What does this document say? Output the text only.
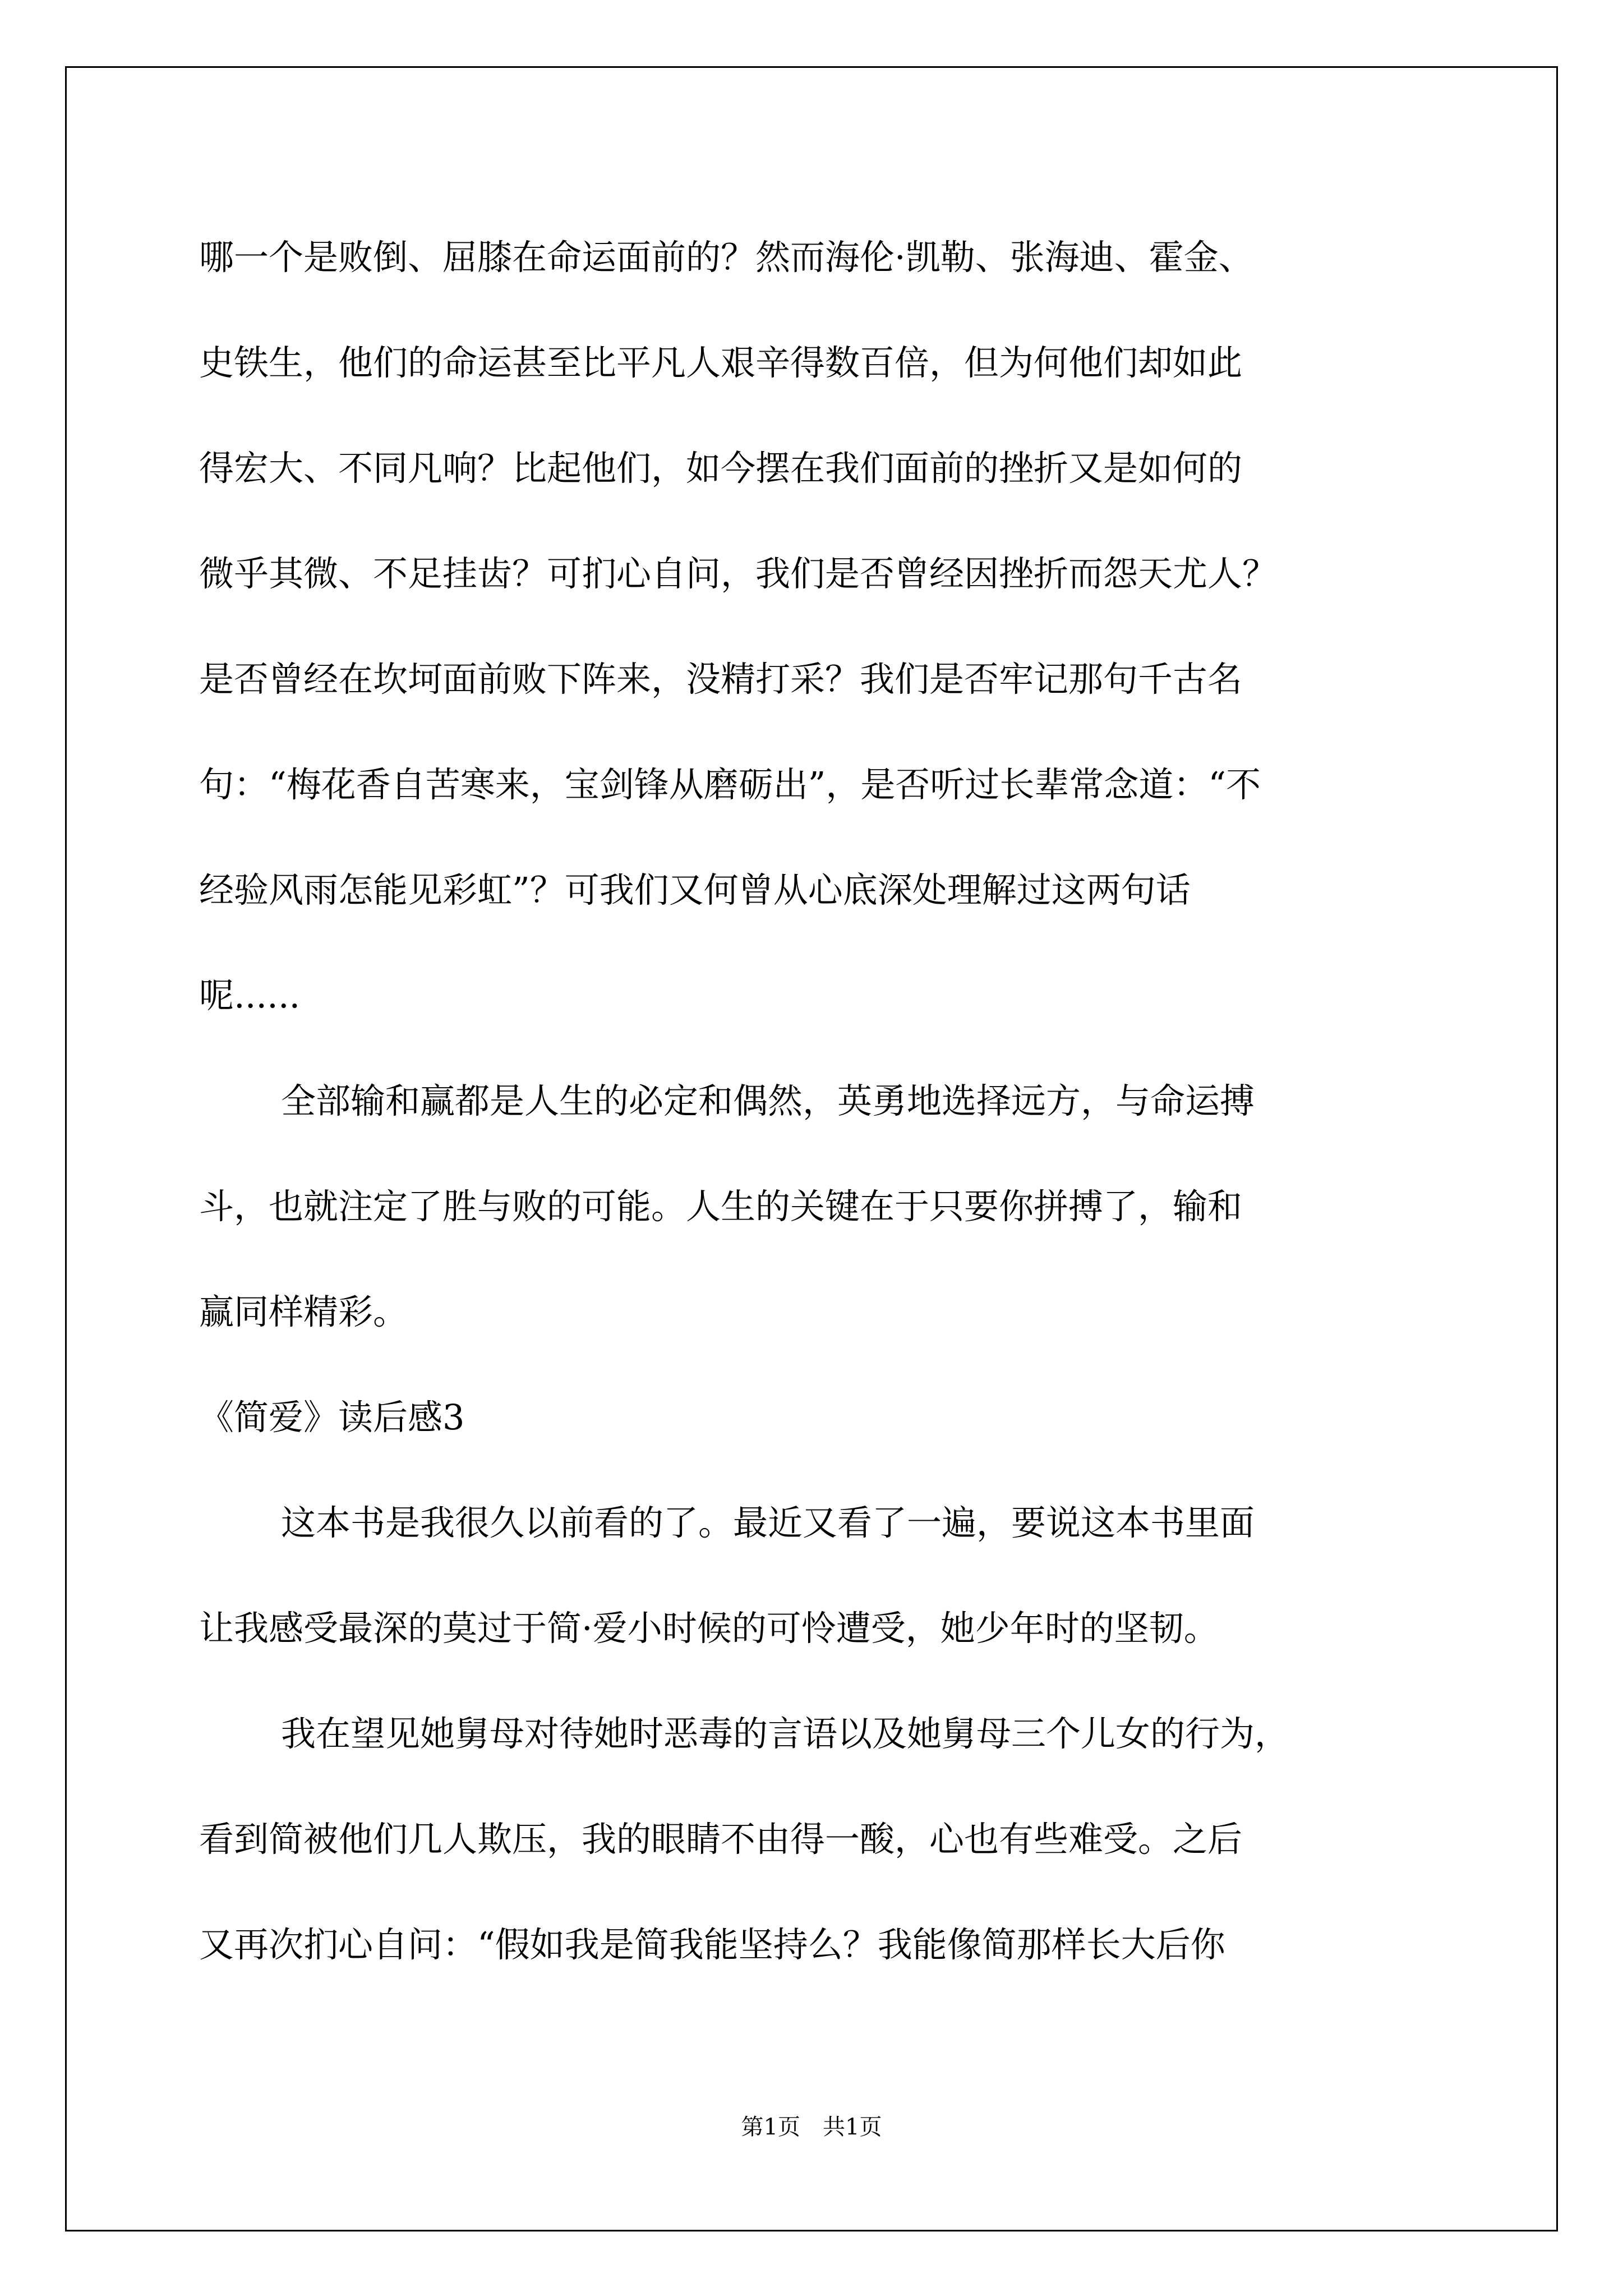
哪一个是败倒、屈膝在命运面前的？然而海伦·凯勒、张海迪、霍金、
史铁生，他们的命运甚至比平凡人艰辛得数百倍，但为何他们却如此
得宏大、不同凡响？比起他们，如今摆在我们面前的挫折又是如何的
微乎其微、不足挂齿？可扪心自问，我们是否曾经因挫折而怨天尤人？
是否曾经在坎坷面前败下阵来，没精打采？我们是否牢记那句千古名
句：“梅花香自苦寒来，宝剑锋从磨砺出”，是否听过长辈常念道：“不
经验风雨怎能见彩虹”？可我们又何曾从心底深处理解过这两句话
呢......
全部输和赢都是人生的必定和偶然，英勇地选择远方，与命运搏
斗，也就注定了胜与败的可能。人生的关键在于只要你拼搏了，输和
赢同样精彩。
《简爱》读后感3
这本书是我很久以前看的了。最近又看了一遍，要说这本书里面
让我感受最深的莫过于简·爱小时候的可怜遭受，她少年时的坚韧。
我在望见她舅母对待她时恶毒的言语以及她舅母三个儿女的行为，
看到简被他们几人欺压，我的眼睛不由得一酸，心也有些难受。之后
又再次扪心自问：“假如我是简我能坚持么？我能像简那样长大后你
第1页　共1页
